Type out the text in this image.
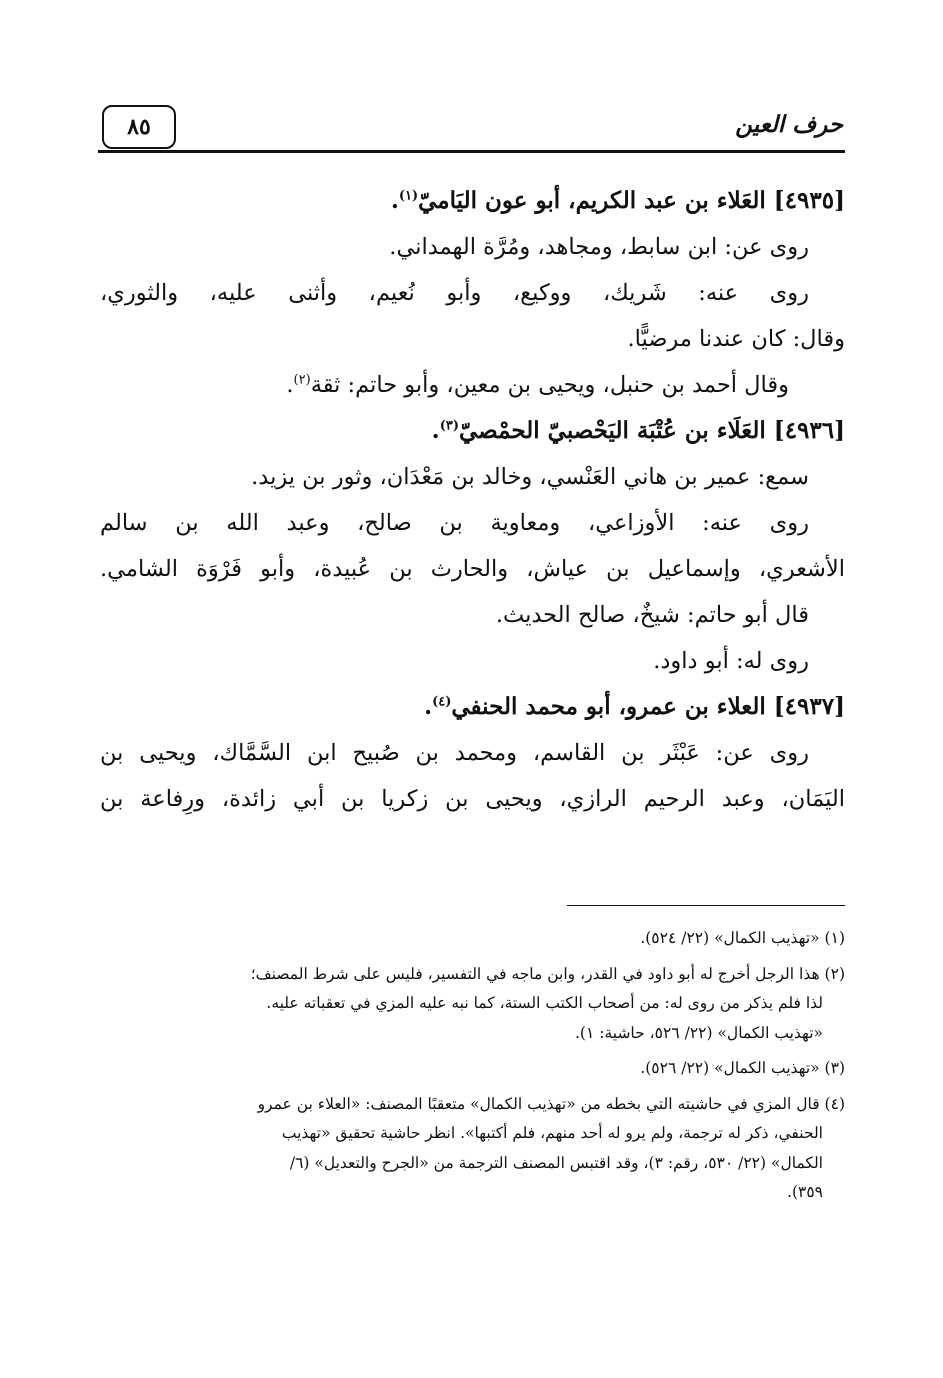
٨٥	حرف العين
[٤٩٣٥] العَلاء بن عبد الكريم، أبو عون اليَاميّ$^{(١)}$.
روى عن: ابن سابط، ومجاهد، ومُرَّة الهمداني.
روى عنه: شَريك، ووكيع، وأبو نُعيم، وأثنى عليه، والثوري،
وقال: كان عندنا مرضيًّا.
وقال أحمد بن حنبل، ويحيى بن معين، وأبو حاتم: ثقة$^{(٢)}$.
[٤٩٣٦] العَلَاء بن عُتْبَة اليَحْصبيّ الحمْصيّ$^{(٣)}$.
سمع: عمير بن هاني العَنْسي، وخالد بن مَعْدَان، وثور بن يزيد.
روى عنه: الأوزاعي، ومعاوية بن صالح، وعبد الله بن سالم
الأشعري، وإسماعيل بن عياش، والحارث بن عُبيدة، وأبو فَرْوَة الشامي.
قال أبو حاتم: شيخٌ، صالح الحديث.
روى له: أبو داود.
[٤٩٣٧] العلاء بن عمرو، أبو محمد الحنفي$^{(٤)}$.
روى عن: عَبْثَر بن القاسم، ومحمد بن صُبيح ابن السَّمَّاك، ويحيى بن
اليَمَان، وعبد الرحيم الرازي، ويحيى بن زكريا بن أبي زائدة، ورِفاعة بن
(١) «تهذيب الكمال» (٢٢/ ٥٢٤).
(٢) هذا الرجل أخرج له أبو داود في القدر، وابن ماجه في التفسير، فليس على شرط المصنف؛
لذا فلم يذكر من روى له: من أصحاب الكتب الستة، كما نبه عليه المزي في تعقباته عليه.
«تهذيب الكمال» (٢٢/ ٥٢٦، حاشية: ١).
(٣) «تهذيب الكمال» (٢٢/ ٥٢٦).
(٤) قال المزي في حاشيته التي بخطه من «تهذيب الكمال» متعقبًا المصنف: «العلاء بن عمرو
الحنفي، ذكر له ترجمة، ولم يرو له أحد منهم، فلم أكتبها». انظر حاشية تحقيق «تهذيب
الكمال» (٢٢/ ٥٣٠، رقم: ٣)، وقد اقتبس المصنف الترجمة من «الجرح والتعديل» (٦/
٣٥٩).
